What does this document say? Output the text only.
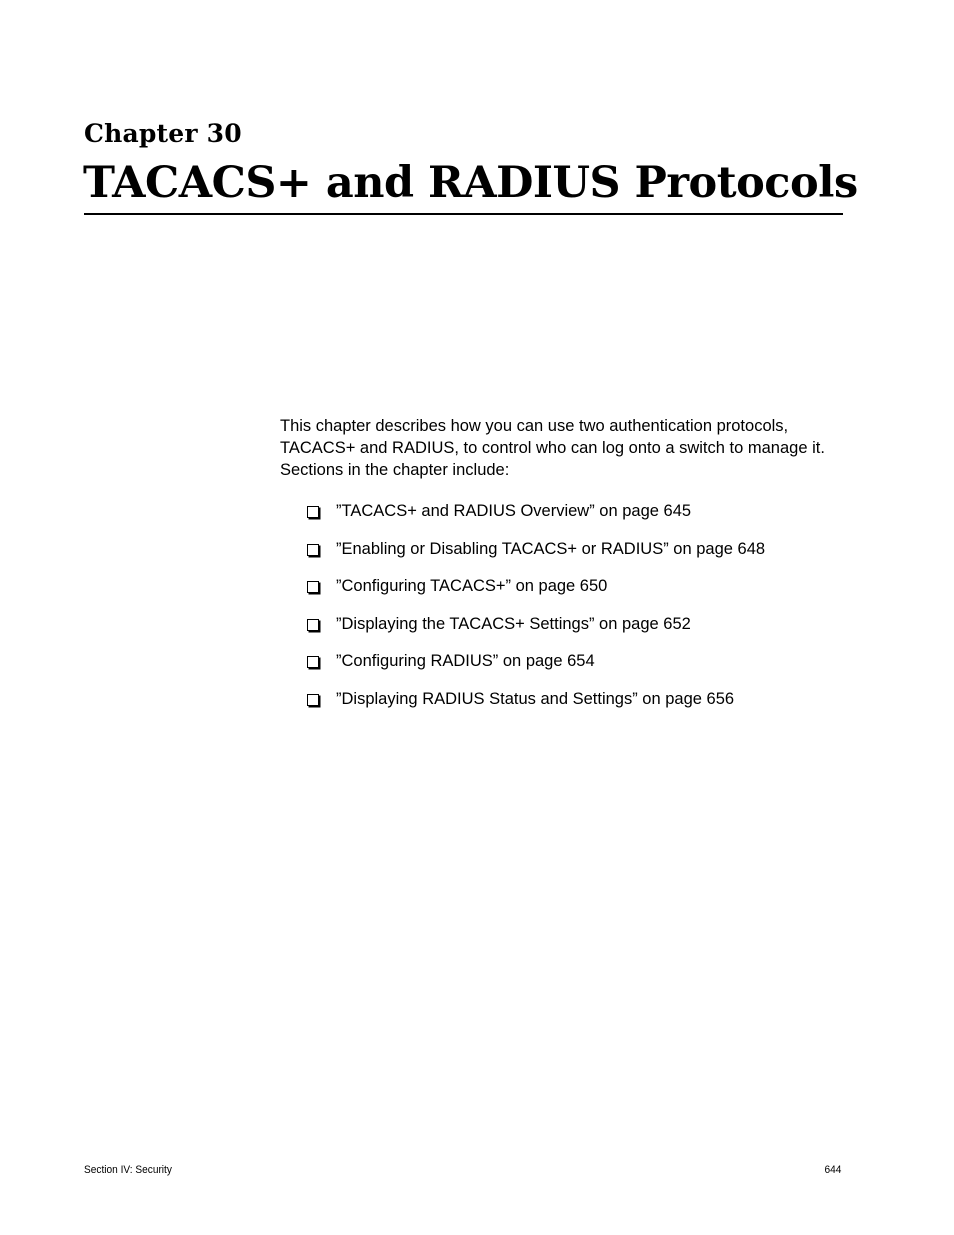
Chapter 30
TACACS+ and RADIUS Protocols

This chapter describes how you can use two authentication protocols, TACACS+ and RADIUS, to control who can log onto a switch to manage it. Sections in the chapter include:

”TACACS+ and RADIUS Overview” on page 645
”Enabling or Disabling TACACS+ or RADIUS” on page 648
”Configuring TACACS+” on page 650
”Displaying the TACACS+ Settings” on page 652
”Configuring RADIUS” on page 654
”Displaying RADIUS Status and Settings” on page 656
Section IV: Security	644
